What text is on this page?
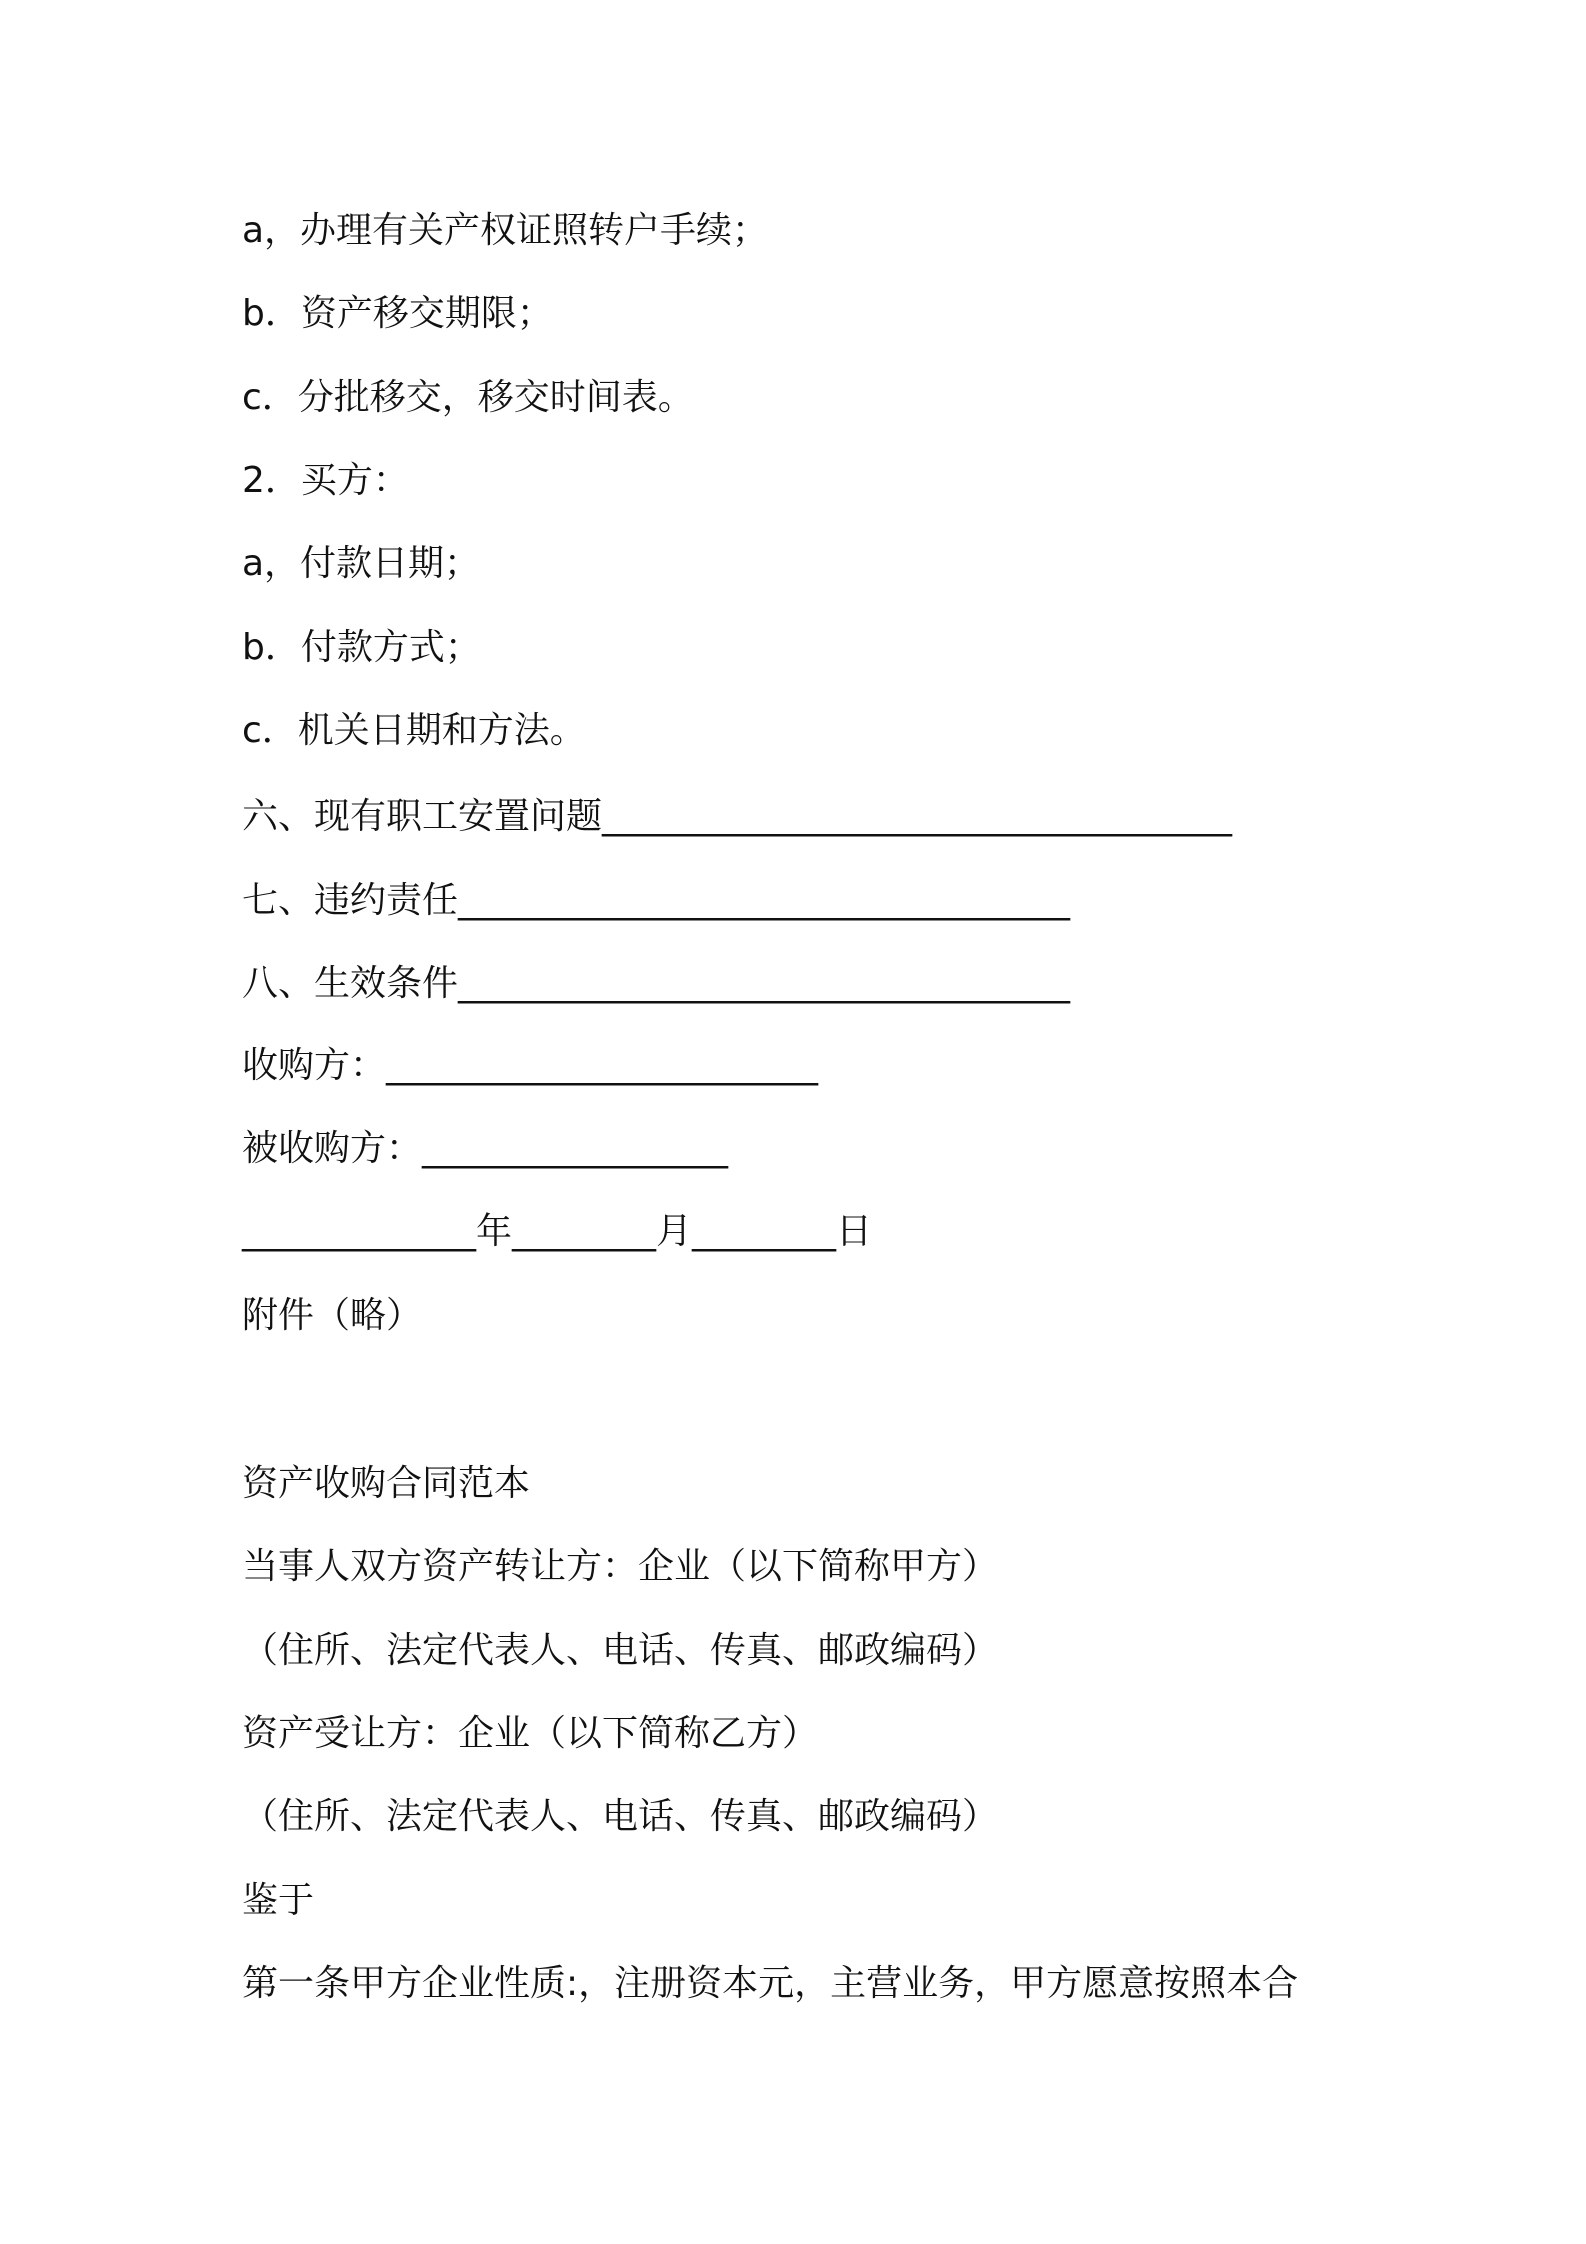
a，办理有关产权证照转户手续；
b．资产移交期限；
c．分批移交，移交时间表。
2．买方：
a，付款日期；
b．付款方式；
c．机关日期和方法。
六、现有职工安置问题___________________________________
七、违约责任__________________________________
八、生效条件__________________________________
收购方：________________________
被收购方：_________________
_____________年________月________日
附件（略）
资产收购合同范本
当事人双方资产转让方：企业（以下简称甲方）
（住所、法定代表人、电话、传真、邮政编码）
资产受让方：企业（以下简称乙方）
（住所、法定代表人、电话、传真、邮政编码）
鉴于
第一条甲方企业性质:，注册资本元，主营业务，甲方愿意按照本合
